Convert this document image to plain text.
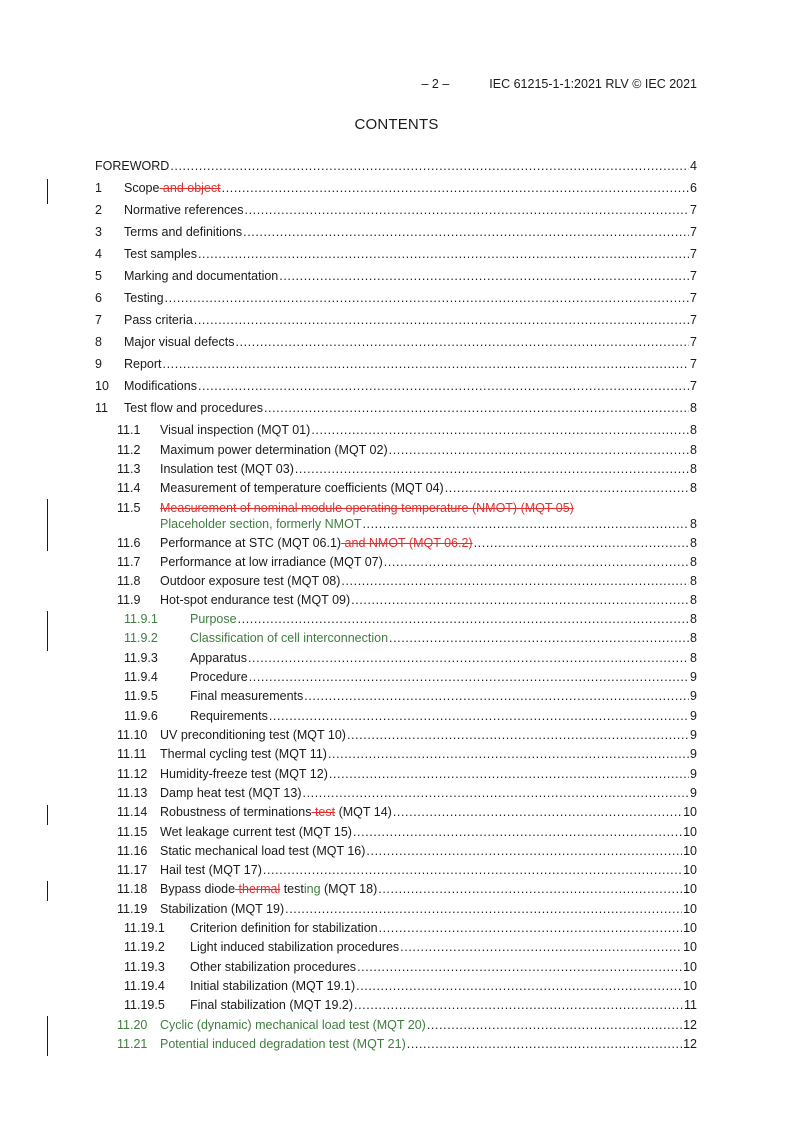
– 2 –	IEC 61215-1-1:2021 RLV © IEC 2021
CONTENTS
FOREWORD .....	4
1 Scope and object .....	6
2 Normative references .....	7
3 Terms and definitions .....	7
4 Test samples .....	7
5 Marking and documentation .....	7
6 Testing .....	7
7 Pass criteria .....	7
8 Major visual defects .....	7
9 Report .....	7
10 Modifications .....	7
11 Test flow and procedures .....	8
11.1 Visual inspection (MQT 01) .....	8
11.2 Maximum power determination (MQT 02) .....	8
11.3 Insulation test (MQT 03) .....	8
11.4 Measurement of temperature coefficients (MQT 04) .....	8
11.5 Measurement of nominal module operating temperature (NMOT) (MQT 05)
Placeholder section, formerly NMOT .....	8
11.6 Performance at STC (MQT 06.1) and NMOT (MQT 06.2) .....	8
11.7 Performance at low irradiance (MQT 07) .....	8
11.8 Outdoor exposure test (MQT 08) .....	8
11.9 Hot-spot endurance test (MQT 09) .....	8
11.9.1	Purpose .....	8
11.9.2	Classification of cell interconnection .....	8
11.9.3	Apparatus .....	8
11.9.4	Procedure .....	9
11.9.5	Final measurements .....	9
11.9.6	Requirements .....	9
11.10 UV preconditioning test (MQT 10) .....	9
11.11 Thermal cycling test (MQT 11) .....	9
11.12 Humidity-freeze test (MQT 12) .....	9
11.13 Damp heat test (MQT 13) .....	9
11.14 Robustness of terminations test (MQT 14) .....	10
11.15 Wet leakage current test (MQT 15) .....	10
11.16 Static mechanical load test (MQT 16) .....	10
11.17 Hail test (MQT 17) .....	10
11.18 Bypass diode thermal testing (MQT 18) .....	10
11.19 Stabilization (MQT 19) .....	10
11.19.1 Criterion definition for stabilization .....	10
11.19.2 Light induced stabilization procedures .....	10
11.19.3 Other stabilization procedures .....	10
11.19.4 Initial stabilization (MQT 19.1) .....	10
11.19.5 Final stabilization (MQT 19.2) .....	11
11.20 Cyclic (dynamic) mechanical load test (MQT 20) .....	12
11.21 Potential induced degradation test (MQT 21) .....	12
